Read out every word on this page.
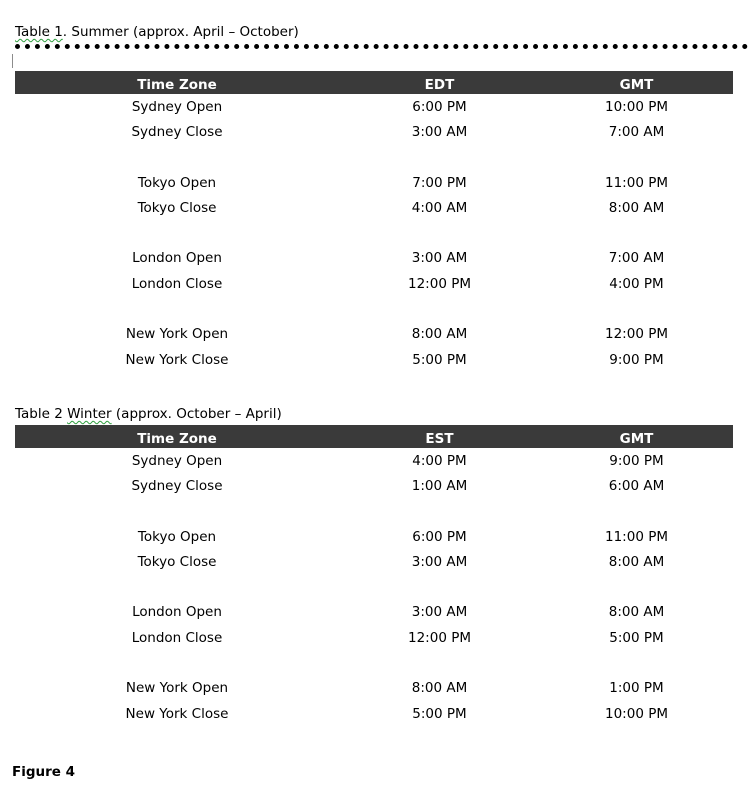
Table 1. Summer (approx. April – October)
Time Zone	EDT	GMT
Sydney Open	6:00 PM	10:00 PM
Sydney Close	3:00 AM	7:00 AM

Tokyo Open	7:00 PM	11:00 PM
Tokyo Close	4:00 AM	8:00 AM

London Open	3:00 AM	7:00 AM
London Close	12:00 PM	4:00 PM

New York Open	8:00 AM	12:00 PM
New York Close	5:00 PM	9:00 PM
Table 2 Winter (approx. October – April)
Time Zone	EST	GMT
Sydney Open	4:00 PM	9:00 PM
Sydney Close	1:00 AM	6:00 AM

Tokyo Open	6:00 PM	11:00 PM
Tokyo Close	3:00 AM	8:00 AM

London Open	3:00 AM	8:00 AM
London Close	12:00 PM	5:00 PM

New York Open	8:00 AM	1:00 PM
New York Close	5:00 PM	10:00 PM
Figure 4
